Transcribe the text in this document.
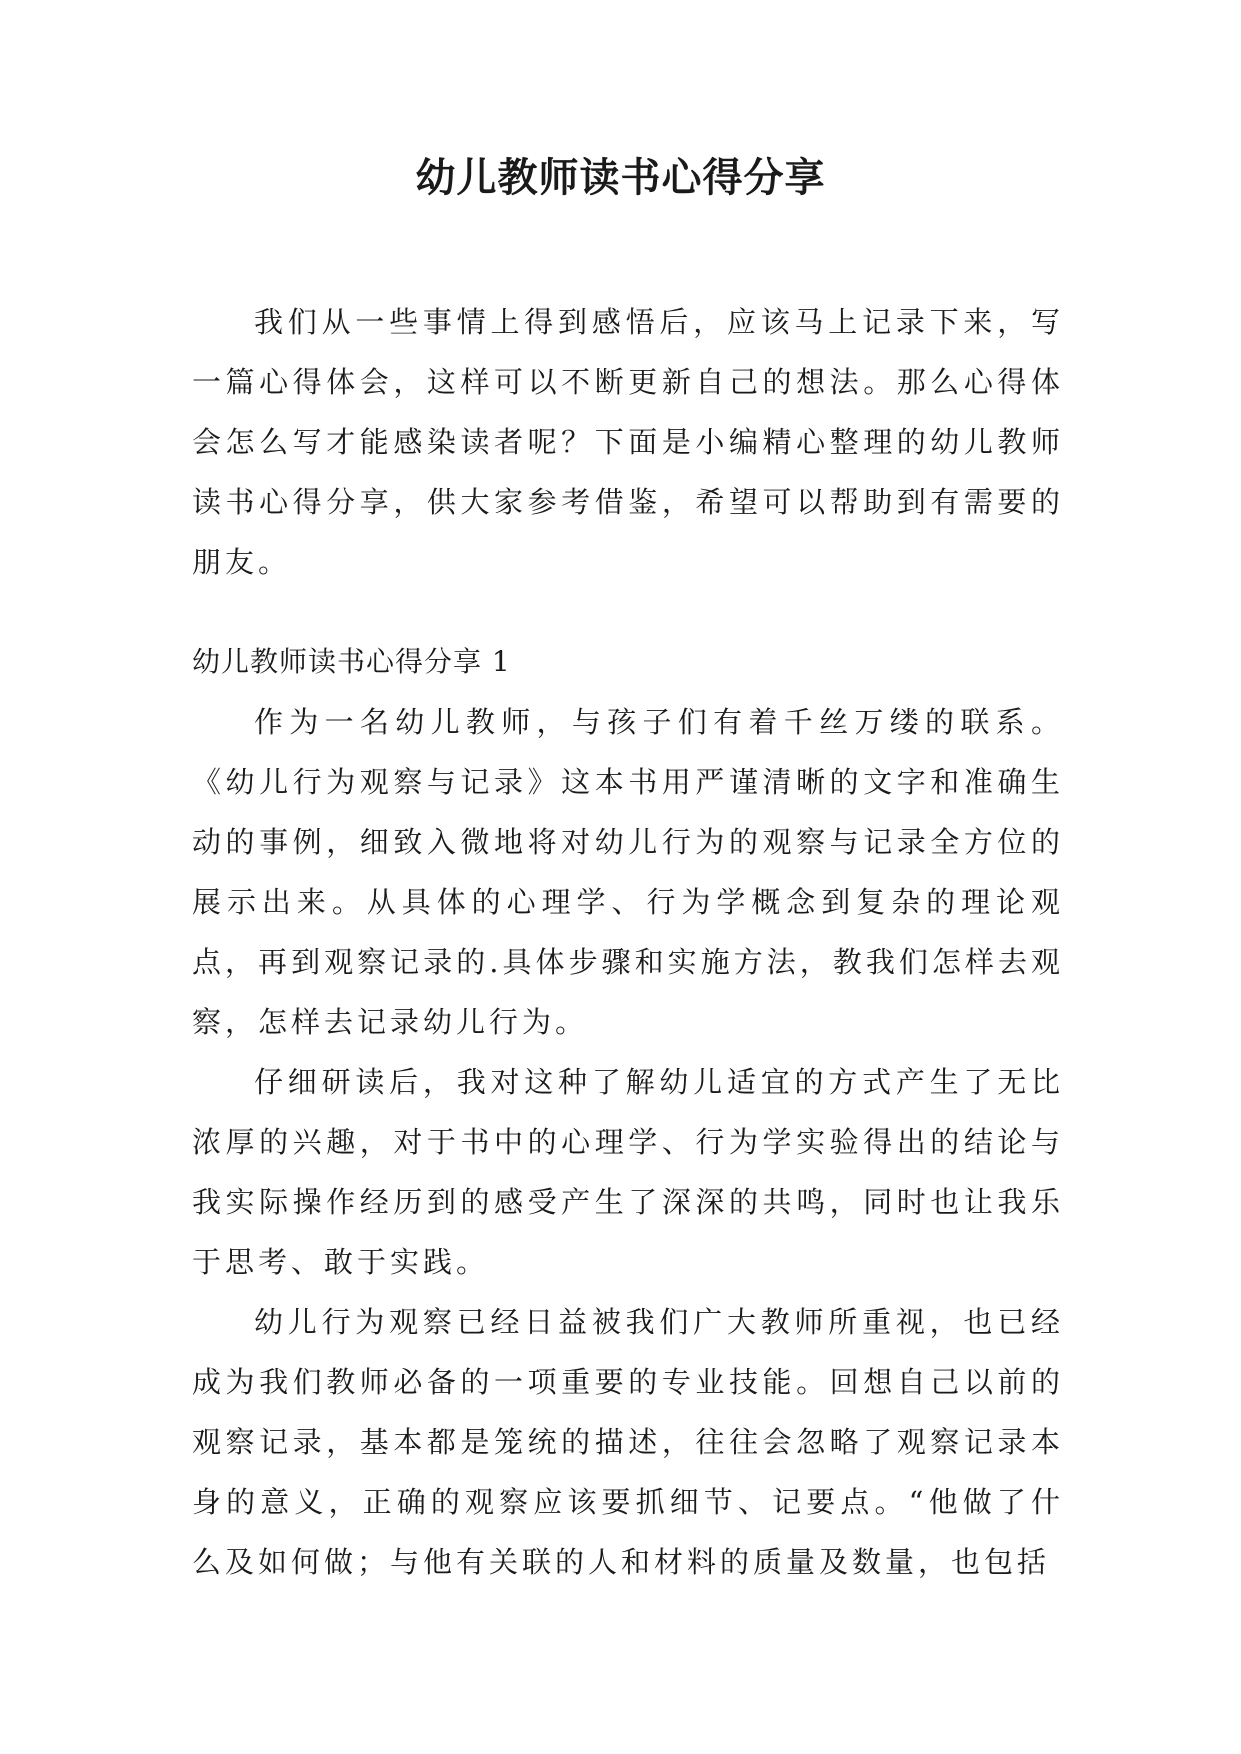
幼儿教师读书心得分享

我们从一些事情上得到感悟后，应该马上记录下来，写一篇心得体会，这样可以不断更新自己的想法。那么心得体会怎么写才能感染读者呢？下面是小编精心整理的幼儿教师读书心得分享，供大家参考借鉴，希望可以帮助到有需要的朋友。

幼儿教师读书心得分享 1

作为一名幼儿教师，与孩子们有着千丝万缕的联系。《幼儿行为观察与记录》这本书用严谨清晰的文字和准确生动的事例，细致入微地将对幼儿行为的观察与记录全方位的展示出来。从具体的心理学、行为学概念到复杂的理论观点，再到观察记录的.具体步骤和实施方法，教我们怎样去观察，怎样去记录幼儿行为。

仔细研读后，我对这种了解幼儿适宜的方式产生了无比浓厚的兴趣，对于书中的心理学、行为学实验得出的结论与我实际操作经历到的感受产生了深深的共鸣，同时也让我乐于思考、敢于实践。

幼儿行为观察已经日益被我们广大教师所重视，也已经成为我们教师必备的一项重要的专业技能。回想自己以前的观察记录，基本都是笼统的描述，往往会忽略了观察记录本身的意义，正确的观察应该要抓细节、记要点。“他做了什么及如何做；与他有关联的人和材料的质量及数量，也包括
